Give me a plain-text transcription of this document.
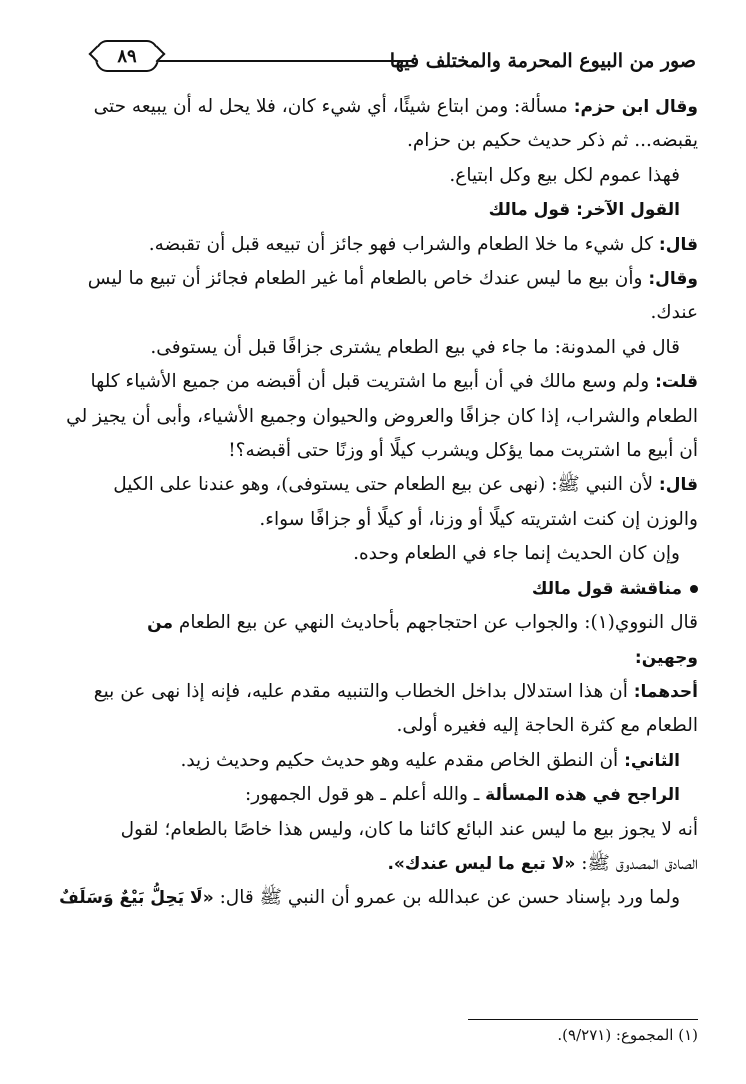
صور من البيوع المحرمة والمختلف فيها
٨٩

وقال ابن حزم: مسألة: ومن ابتاع شيئًا، أي شيء كان، فلا يحل له أن يبيعه حتى

يقبضه... ثم ذكر حديث حكيم بن حزام.

فهذا عموم لكل بيع وكل ابتياع.

القول الآخر: قول مالك

قال: كل شيء ما خلا الطعام والشراب فهو جائز أن تبيعه قبل أن تقبضه.

وقال: وأن بيع ما ليس عندك خاص بالطعام أما غير الطعام فجائز أن تبيع ما ليس

عندك.

قال في المدونة: ما جاء في بيع الطعام يشترى جزافًا قبل أن يستوفى.

قلت: ولم وسع مالك في أن أبيع ما اشتريت قبل أن أقبضه من جميع الأشياء كلها

الطعام والشراب، إذا كان جزافًا والعروض والحيوان وجميع الأشياء، وأبى أن يجيز لي

أن أبيع ما اشتريت مما يؤكل ويشرب كيلًا أو وزنًا حتى أقبضه؟!

قال: لأن النبي ﷺ: (نهى عن بيع الطعام حتى يستوفى)، وهو عندنا على الكيل

والوزن إن كنت اشتريته كيلًا أو وزنا، أو كيلًا أو جزافًا سواء.

وإن كان الحديث إنما جاء في الطعام وحده.

مناقشة قول مالك

قال النووي(١): والجواب عن احتجاجهم بأحاديث النهي عن بيع الطعام من

وجهين:

أحدهما: أن هذا استدلال بداخل الخطاب والتنبيه مقدم عليه، فإنه إذا نهى عن بيع

الطعام مع كثرة الحاجة إليه فغيره أولى.

الثاني: أن النطق الخاص مقدم عليه وهو حديث حكيم وحديث زيد.

الراجح في هذه المسألة ـ والله أعلم ـ هو قول الجمهور:

أنه لا يجوز بيع ما ليس عند البائع كائنا ما كان، وليس هذا خاصًا بالطعام؛ لقول

الصادق المصدوق ﷺ: «لا تبع ما ليس عندك».

ولما ورد بإسناد حسن عن عبدالله بن عمرو أن النبي ﷺ قال: «لَا يَحِلُّ بَيْعٌ وَسَلَفٌ

(١) المجموع: (٩/٢٧١).
